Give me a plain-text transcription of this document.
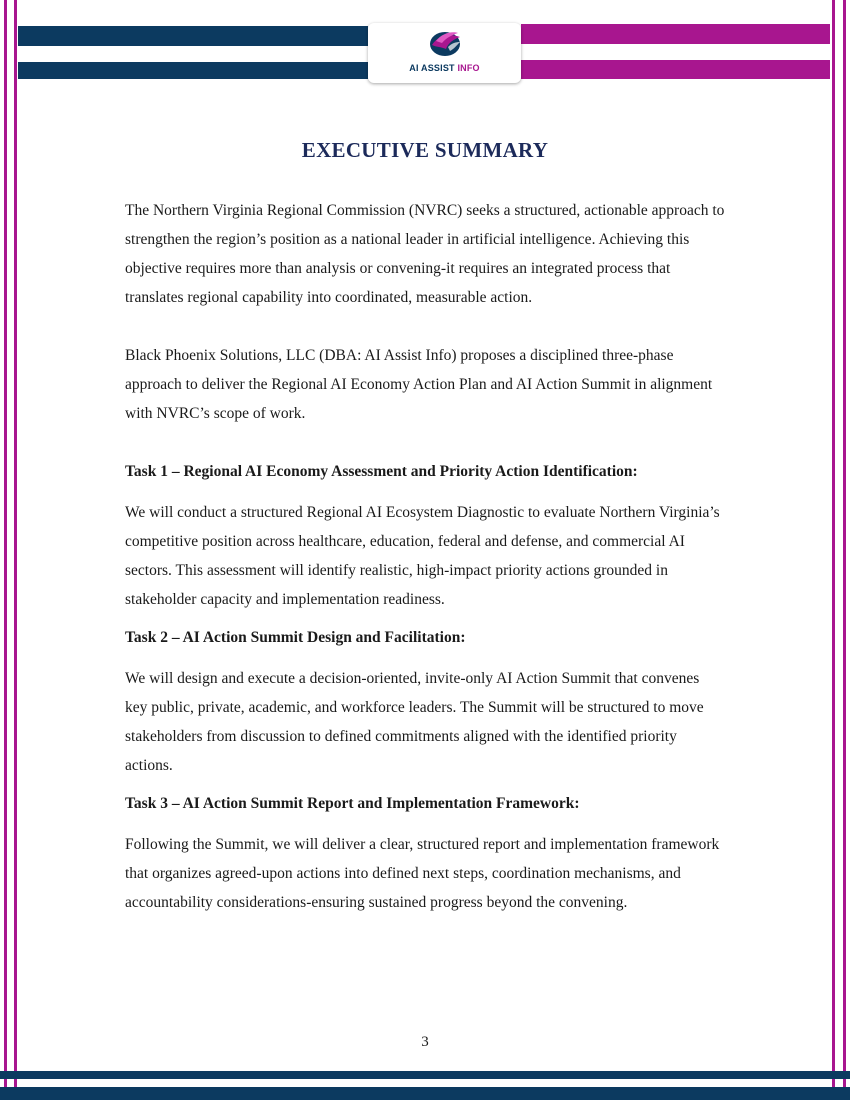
AI ASSIST INFO
EXECUTIVE SUMMARY

The Northern Virginia Regional Commission (NVRC) seeks a structured, actionable approach to strengthen the region’s position as a national leader in artificial intelligence. Achieving this objective requires more than analysis or convening-it requires an integrated process that translates regional capability into coordinated, measurable action.

Black Phoenix Solutions, LLC (DBA: AI Assist Info) proposes a disciplined three-phase approach to deliver the Regional AI Economy Action Plan and AI Action Summit in alignment with NVRC’s scope of work.

Task 1 – Regional AI Economy Assessment and Priority Action Identification:

We will conduct a structured Regional AI Ecosystem Diagnostic to evaluate Northern Virginia’s competitive position across healthcare, education, federal and defense, and commercial AI sectors. This assessment will identify realistic, high-impact priority actions grounded in stakeholder capacity and implementation readiness.

Task 2 – AI Action Summit Design and Facilitation:

We will design and execute a decision-oriented, invite-only AI Action Summit that convenes key public, private, academic, and workforce leaders. The Summit will be structured to move stakeholders from discussion to defined commitments aligned with the identified priority actions.

Task 3 – AI Action Summit Report and Implementation Framework:

Following the Summit, we will deliver a clear, structured report and implementation framework that organizes agreed-upon actions into defined next steps, coordination mechanisms, and accountability considerations-ensuring sustained progress beyond the convening.

3
